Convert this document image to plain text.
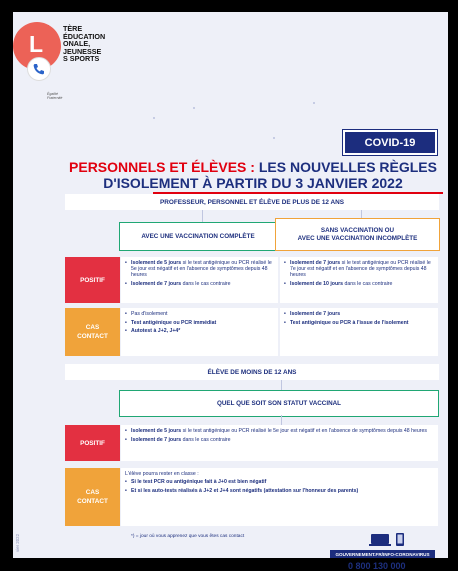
TÈRE
ÉDUCATION
ONALE,
JEUNESSE
S SPORTS
Égalité
Fraternité
COVID-19
PERSONNELS ET ÉLÈVES : LES NOUVELLES RÈGLES
D'ISOLEMENT À PARTIR DU 3 JANVIER 2022
PROFESSEUR, PERSONNEL ET ÉLÈVE DE PLUS DE 12 ANS
AVEC UNE VACCINATION COMPLÈTE
SANS VACCINATION OU
AVEC UNE VACCINATION INCOMPLÈTE
POSITIF
• Isolement de 5 jours si le test antigénique ou PCR réalisé le 5e jour est négatif et en l'absence de symptômes depuis 48 heures
• Isolement de 7 jours dans le cas contraire
• Isolement de 7 jours si le test antigénique ou PCR réalisé le 7e jour est négatif et en l'absence de symptômes depuis 48 heures
• Isolement de 10 jours dans le cas contraire
CAS
CONTACT
• Pas d'isolement
• Test antigénique ou PCR immédiat
• Autotest à J+2, J+4*
• Isolement de 7 jours
• Test antigénique ou PCR à l'issue de l'isolement
ÉLÈVE DE MOINS DE 12 ANS
QUEL QUE SOIT SON STATUT VACCINAL
POSITIF
• Isolement de 5 jours si le test antigénique ou PCR réalisé le 5e jour est négatif et en l'absence de symptômes depuis 48 heures
• Isolement de 7 jours dans le cas contraire
CAS
CONTACT
L'élève pourra rester en classe :
• Si le test PCR ou antigénique fait à J+0 est bien négatif
• Et si les auto-tests réalisés à J+2 et J+4 sont négatifs (attestation sur l'honneur des parents)
*) = jour où vous apprenez que vous êtes cas contact
GOUVERNEMENT.FR/INFO-CORONAVIRUS
0 800 130 000
vier 2022
L
